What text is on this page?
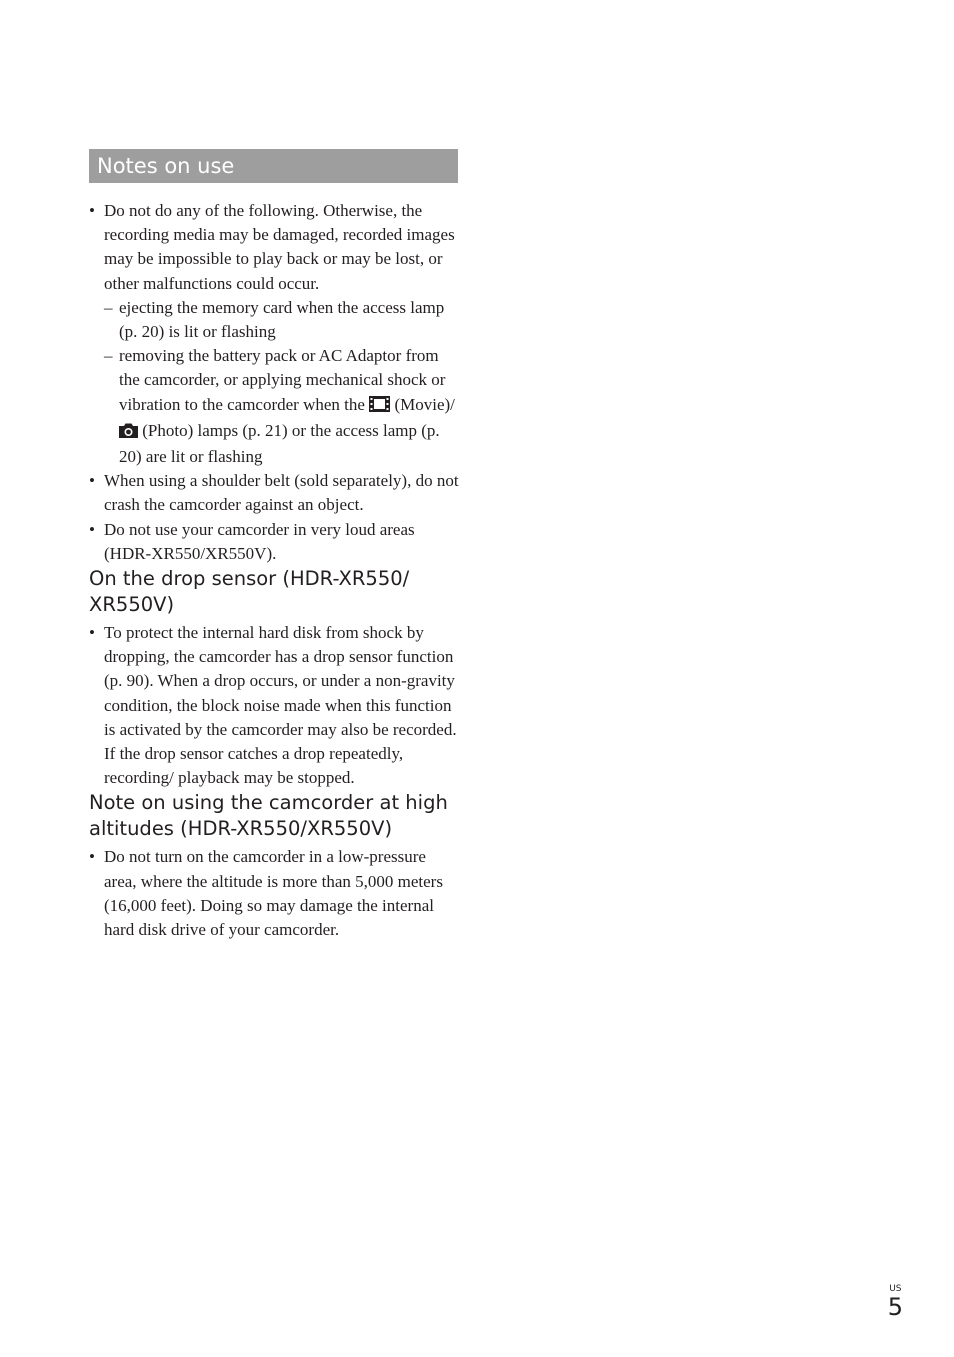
Notes on use
• Do not do any of the following. Otherwise, the recording media may be damaged, recorded images may be impossible to play back or may be lost, or other malfunctions could occur.
– ejecting the memory card when the access lamp (p. 20) is lit or flashing
– removing the battery pack or AC Adaptor from the camcorder, or applying mechanical shock or vibration to the camcorder when the  (Movie)/ (Photo) lamps (p. 21) or the access lamp (p. 20) are lit or flashing
• When using a shoulder belt (sold separately), do not crash the camcorder against an object.
• Do not use your camcorder in very loud areas (HDR-XR550/XR550V).
On the drop sensor (HDR-XR550/ XR550V)
• To protect the internal hard disk from shock by dropping, the camcorder has a drop sensor function (p. 90). When a drop occurs, or under a non-gravity condition, the block noise made when this function is activated by the camcorder may also be recorded. If the drop sensor catches a drop repeatedly, recording/ playback may be stopped.
Note on using the camcorder at high altitudes (HDR-XR550/XR550V)
• Do not turn on the camcorder in a low-pressure area, where the altitude is more than 5,000 meters (16,000 feet). Doing so may damage the internal hard disk drive of your camcorder.
US
5
